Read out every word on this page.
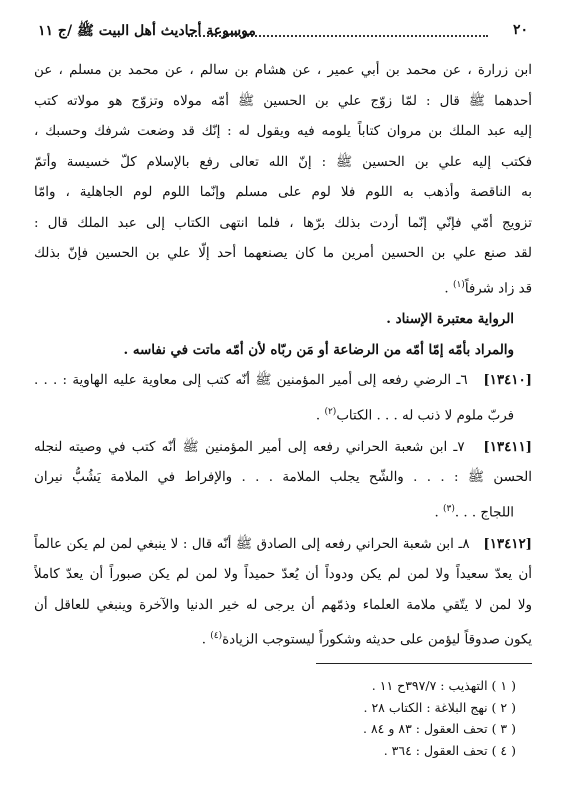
٢٠
موسوعة أحاديث أهل البيت ﷺ /ج ١١
ابن زرارة ، عن محمد بن أبي عمير ، عن هشام بن سالم ، عن محمد بن مسلم ، عن
أحدهما ﷺ قال : لمّا زوّج علي بن الحسين ﷺ أمّه مولاه وتزوّج هو مولاته كتب
إليه عبد الملك بن مروان كتاباً يلومه فيه ويقول له : إنّك قد وضعت شرفك وحسبك ،
فكتب إليه علي بن الحسين ﷺ : إنّ الله تعالى رفع بالإسلام كلّ خسيسة وأتمّ
به الناقصة وأذهب به اللوم فلا لوم على مسلم وإنّما اللوم لوم الجاهلية ، وامّا
تزويج أمّي فإنّي إنّما أردت بذلك برّها ، فلما انتهى الكتاب إلى عبد الملك قال :
لقد صنع علي بن الحسين أمرين ما كان يصنعهما أحد إلّا علي بن الحسين فإنّ بذلك
قد زاد شرفاً$^{(١)}$ .
الرواية معتبرة الإسناد .
والمراد بأمّه إمّا أمّه من الرضاعة أو مَن ربّاه لأن أمّه ماتت في نفاسه .
[١٣٤١٠]   ٦ـ الرضي رفعه إلى أمير المؤمنين ﷺ أنّه كتب إلى معاوية عليه الهاوية : . . .
فربّ ملوم لا ذنب له . . . الكتاب$^{(٢)}$ .
[١٣٤١١]   ٧ـ ابن شعبة الحراني رفعه إلى أمير المؤمنين ﷺ أنّه كتب في وصيته لنجله
الحسن ﷺ : . . . والشّح يجلب الملامة . . . والإفراط في الملامة يَشُبُّ نيران
اللجاج . . .$^{(٣)}$ .
[١٣٤١٢]   ٨ـ ابن شعبة الحراني رفعه إلى الصادق ﷺ أنّه قال : لا ينبغي لمن لم يكن عالماً
أن يعدّ سعيداً ولا لمن لم يكن ودوداً أن يُعدّ حميداً ولا لمن لم يكن صبوراً أن يعدّ كاملاً
ولا لمن لا يتّقي ملامة العلماء وذمّهم أن يرجى له خير الدنيا والآخرة وينبغي للعاقل أن
يكون صدوقاً ليؤمن على حديثه وشكوراً ليستوجب الزيادة$^{(٤)}$ .
( ١ ) التهذيب : ٣٩٧/٧ح ١١ .
( ٢ ) نهج البلاغة : الكتاب ٢٨ .
( ٣ ) تحف العقول : ٨٣ و ٨٤ .
( ٤ ) تحف العقول : ٣٦٤ .
